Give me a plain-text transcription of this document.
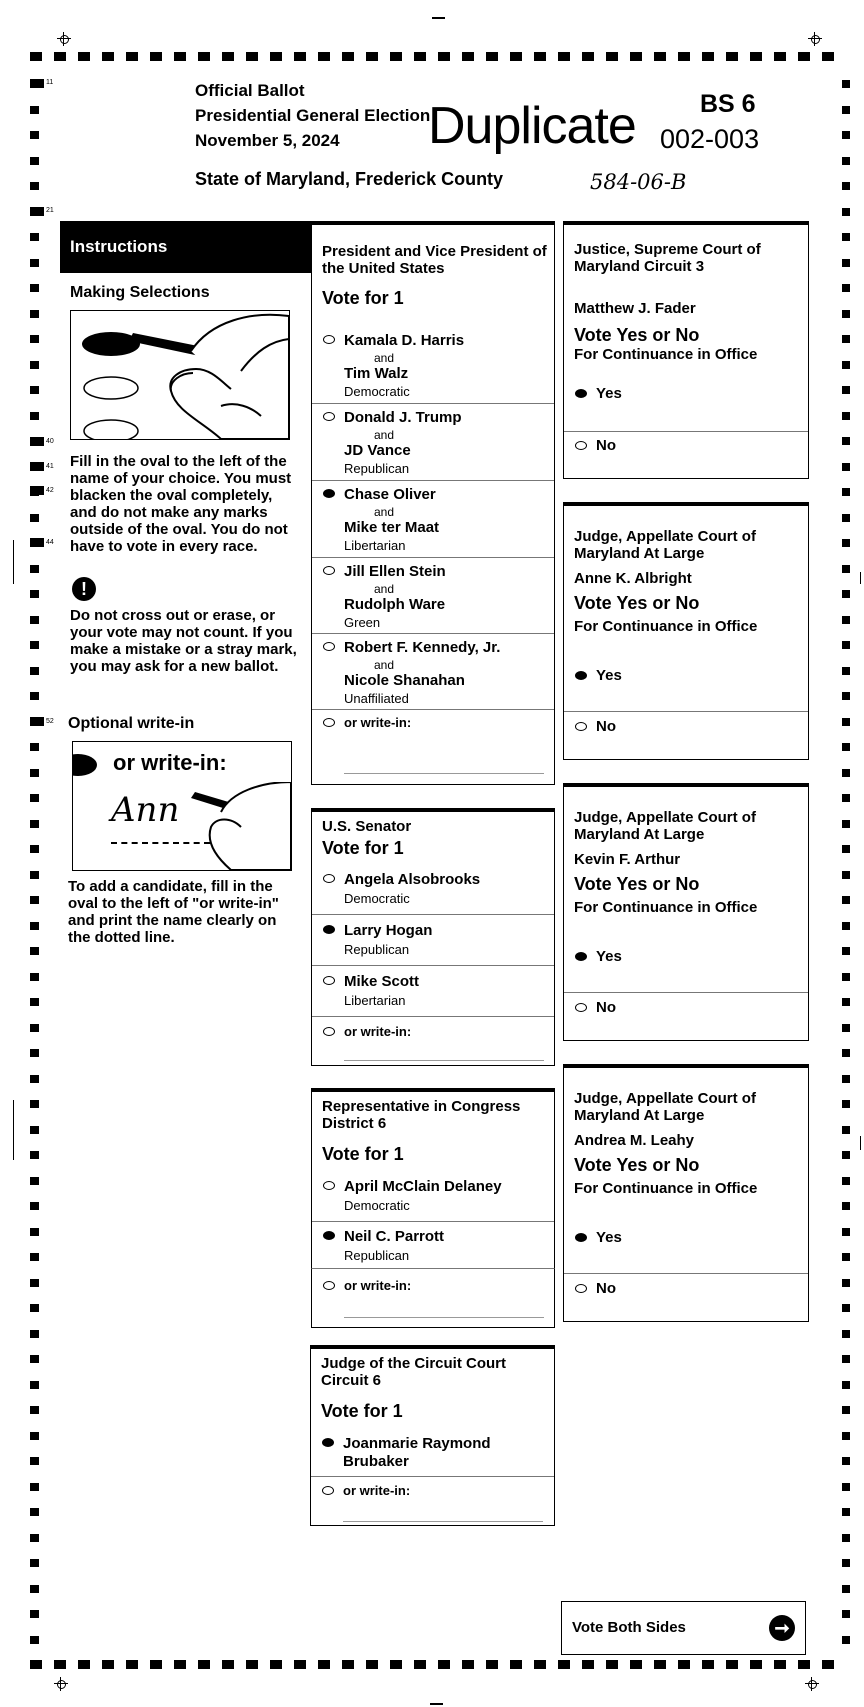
11
21
40
41
42
44
52
Official Ballot
Presidential General Election
November 5, 2024
State of Maryland, Frederick County
BS 6
Duplicate 002-003
584-06-B
Instructions
Making Selections
Fill in the oval to the left of the name of your choice. You must blacken the oval completely, and do not make any marks outside of the oval. You do not have to vote in every race.
!
Do not cross out or erase, or your vote may not count. If you make a mistake or a stray mark, you may ask for a new ballot.
Optional write-in
or write-in:
Ann
To add a candidate, fill in the oval to the left of "or write-in" and print the name clearly on the dotted line.
President and Vice President of the United States
Vote for 1
Kamala D. Harris
and
Tim Walz
Democratic
Donald J. Trump
and
JD Vance
Republican
Chase Oliver
and
Mike ter Maat
Libertarian
Jill Ellen Stein
and
Rudolph Ware
Green
Robert F. Kennedy, Jr.
and
Nicole Shanahan
Unaffiliated
or write-in:
U.S. Senator
Vote for 1
Angela Alsobrooks
Democratic
Larry Hogan
Republican
Mike Scott
Libertarian
or write-in:
Representative in Congress District 6
Vote for 1
April McClain Delaney
Democratic
Neil C. Parrott
Republican
or write-in:
Judge of the Circuit Court Circuit 6
Vote for 1
Joanmarie Raymond Brubaker
or write-in:
Justice, Supreme Court of Maryland Circuit 3
Matthew J. Fader
Vote Yes or No
For Continuance in Office
Yes
No
Judge, Appellate Court of Maryland At Large
Anne K. Albright
Vote Yes or No
For Continuance in Office
Yes
No
Judge, Appellate Court of Maryland At Large
Kevin F. Arthur
Vote Yes or No
For Continuance in Office
Yes
No
Judge, Appellate Court of Maryland At Large
Andrea M. Leahy
Vote Yes or No
For Continuance in Office
Yes
No
Vote Both Sides	➞
